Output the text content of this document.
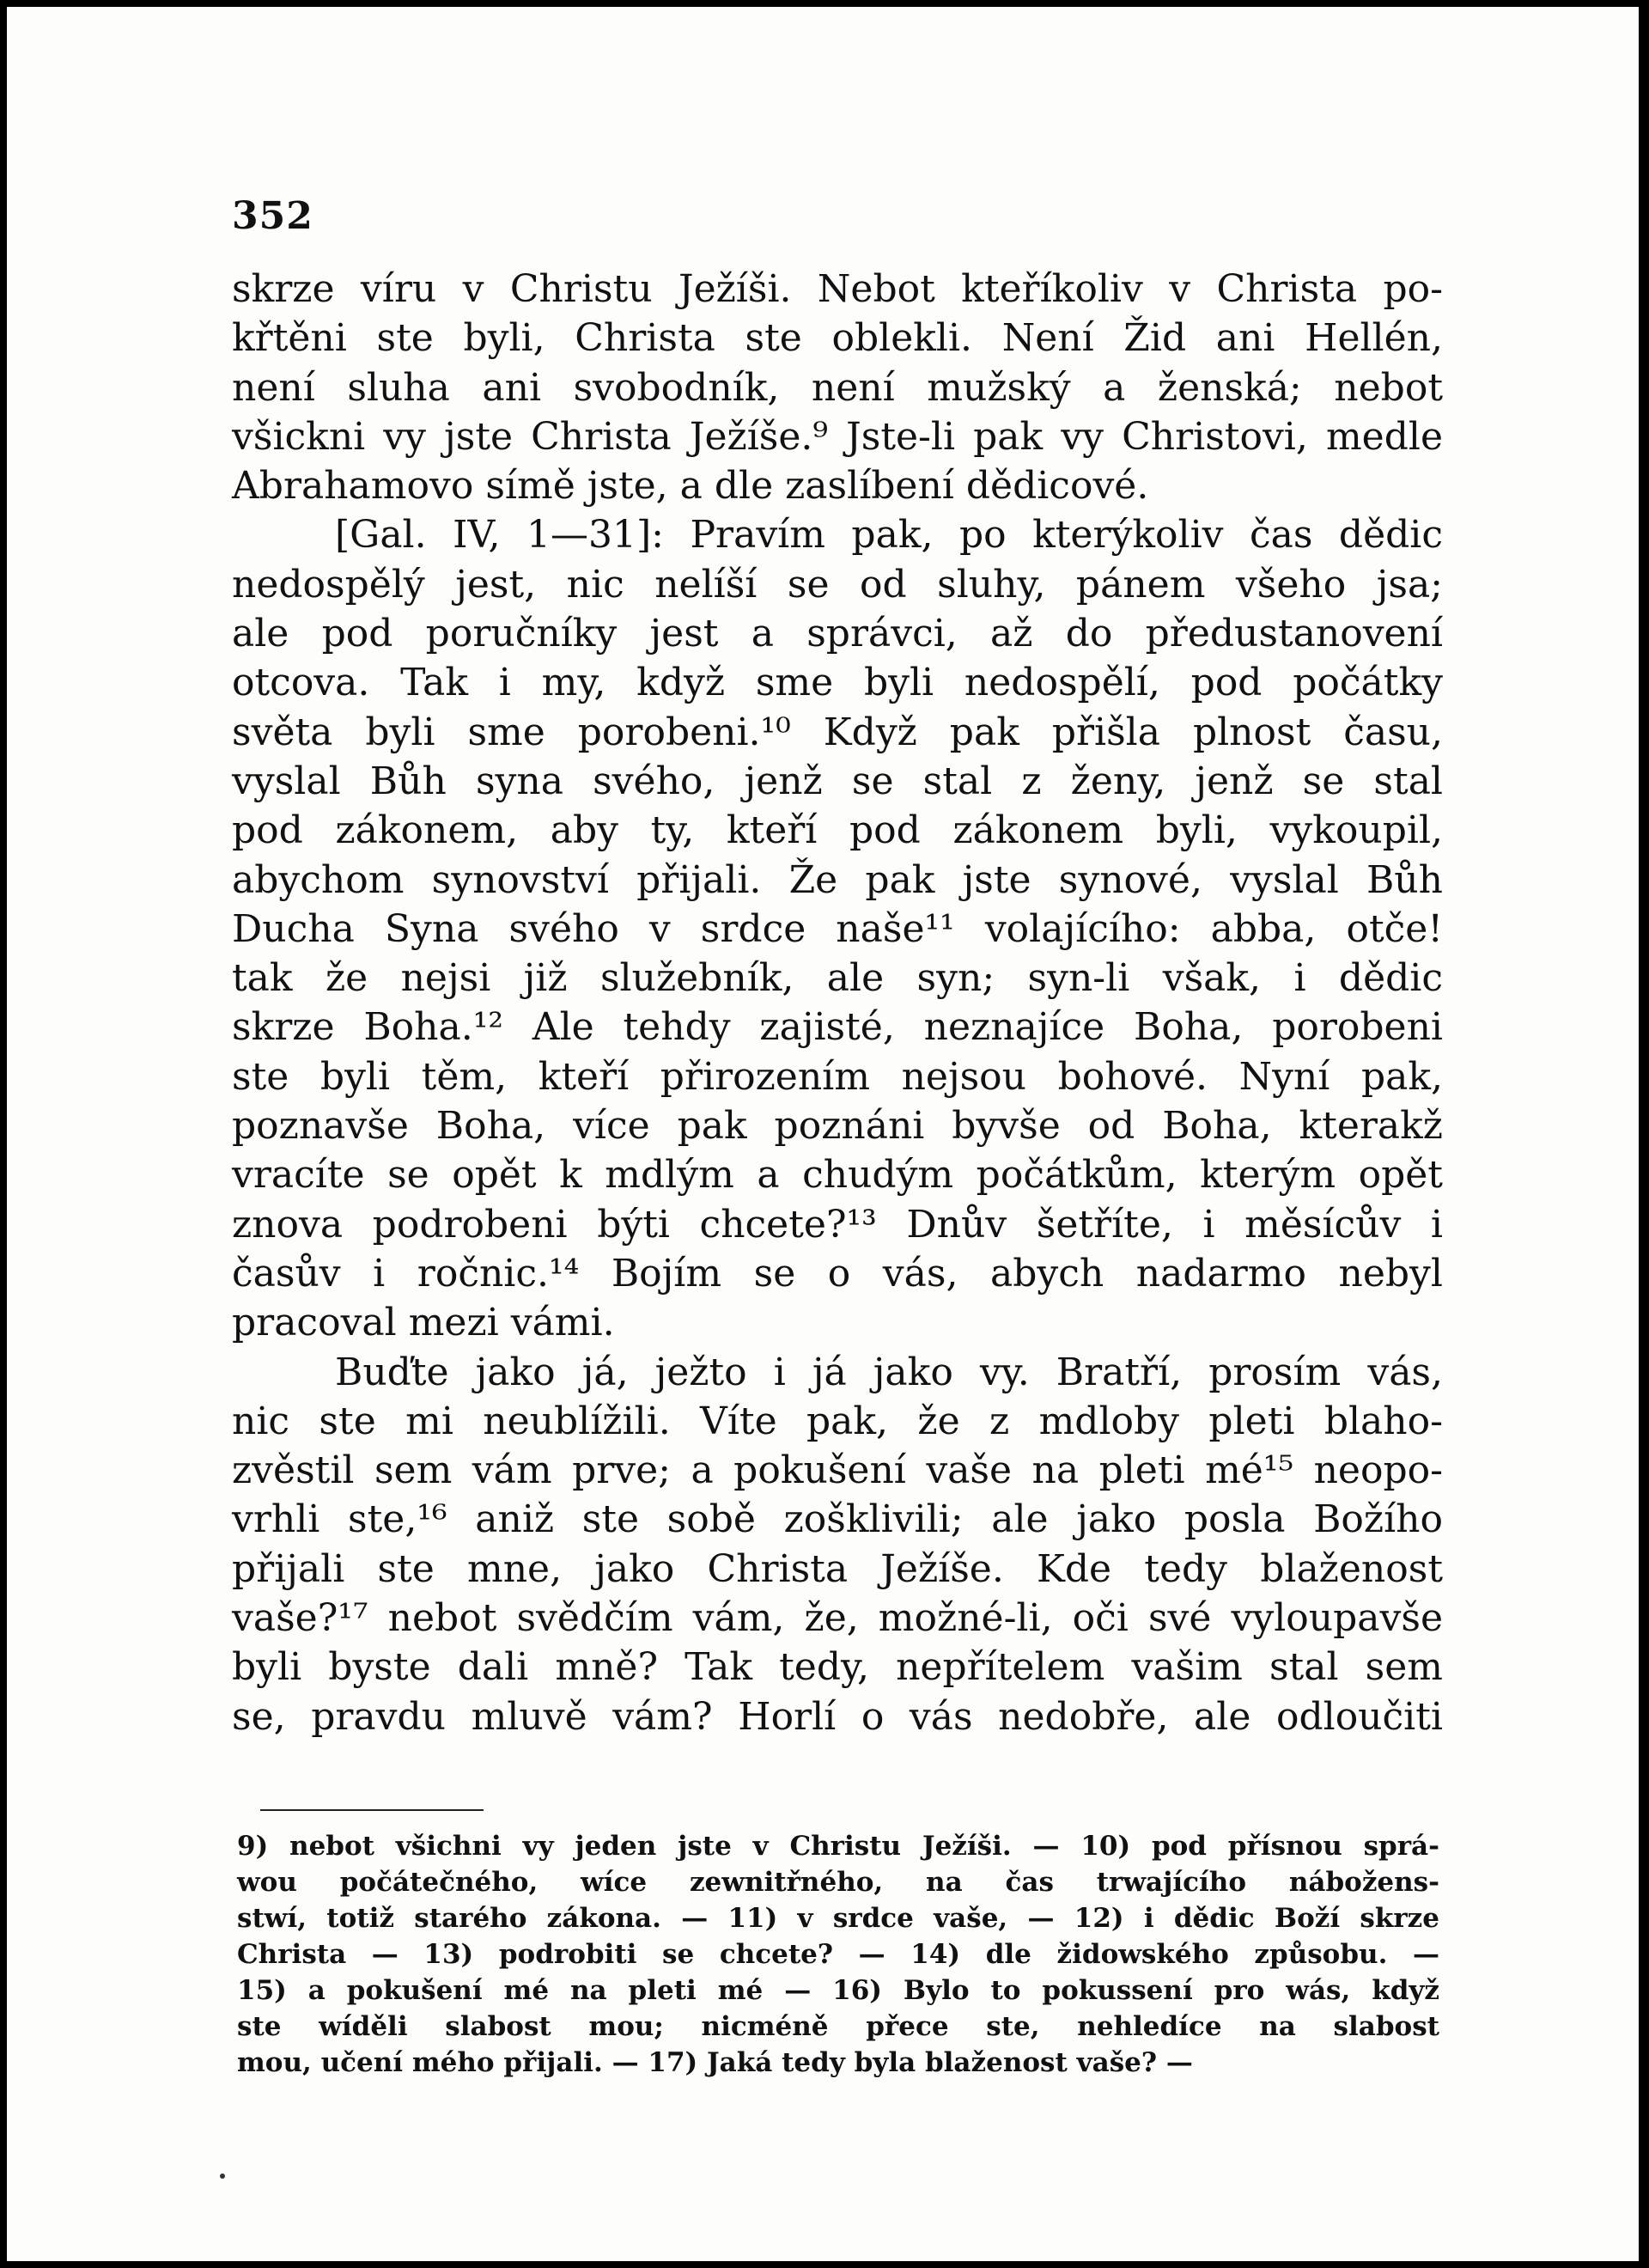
352
skrze víru v Christu Ježíši. Nebot kteříkoliv v Christa po-
křtěni ste byli, Christa ste oblekli. Není Žid ani Hellén,
není sluha ani svobodník, není mužský a ženská; nebot
všickni vy jste Christa Ježíše.⁹ Jste-li pak vy Christovi, medle
Abrahamovo símě jste, a dle zaslíbení dědicové.
[Gal. IV, 1—31]: Pravím pak, po kterýkoliv čas dědic
nedospělý jest, nic nelíší se od sluhy, pánem všeho jsa;
ale pod poručníky jest a správci, až do předustanovení
otcova. Tak i my, když sme byli nedospělí, pod počátky
světa byli sme porobeni.¹⁰ Když pak přišla plnost času,
vyslal Bůh syna svého, jenž se stal z ženy, jenž se stal
pod zákonem, aby ty, kteří pod zákonem byli, vykoupil,
abychom synovství přijali. Že pak jste synové, vyslal Bůh
Ducha Syna svého v srdce naše¹¹ volajícího: abba, otče!
tak že nejsi již služebník, ale syn; syn-li však, i dědic
skrze Boha.¹² Ale tehdy zajisté, neznajíce Boha, porobeni
ste byli těm, kteří přirozením nejsou bohové. Nyní pak,
poznavše Boha, více pak poznáni byvše od Boha, kterakž
vracíte se opět k mdlým a chudým počátkům, kterým opět
znova podrobeni býti chcete?¹³ Dnův šetříte, i měsícův i
časův i ročnic.¹⁴ Bojím se o vás, abych nadarmo nebyl
pracoval mezi vámi.
Buďte jako já, ježto i já jako vy. Bratří, prosím vás,
nic ste mi neublížili. Víte pak, že z mdloby pleti blaho-
zvěstil sem vám prve; a pokušení vaše na pleti mé¹⁵ neopo-
vrhli ste,¹⁶ aniž ste sobě zošklivili; ale jako posla Božího
přijali ste mne, jako Christa Ježíše. Kde tedy blaženost
vaše?¹⁷ nebot svědčím vám, že, možné-li, oči své vyloupavše
byli byste dali mně? Tak tedy, nepřítelem vašim stal sem
se, pravdu mluvě vám? Horlí o vás nedobře, ale odloučiti
9) nebot všichni vy jeden jste v Christu Ježíši. — 10) pod přísnou sprá-
wou počátečného, wíce zewnitřného, na čas trwajícího nábožens-
stwí, totiž starého zákona. — 11) v srdce vaše, — 12) i dědic Boží skrze
Christa — 13) podrobiti se chcete? — 14) dle židowského způsobu. —
15) a pokušení mé na pleti mé — 16) Bylo to pokussení pro wás, když
ste wíděli slabost mou; nicméně přece ste, nehledíce na slabost
mou, učení mého přijali. — 17) Jaká tedy byla blaženost vaše? —
